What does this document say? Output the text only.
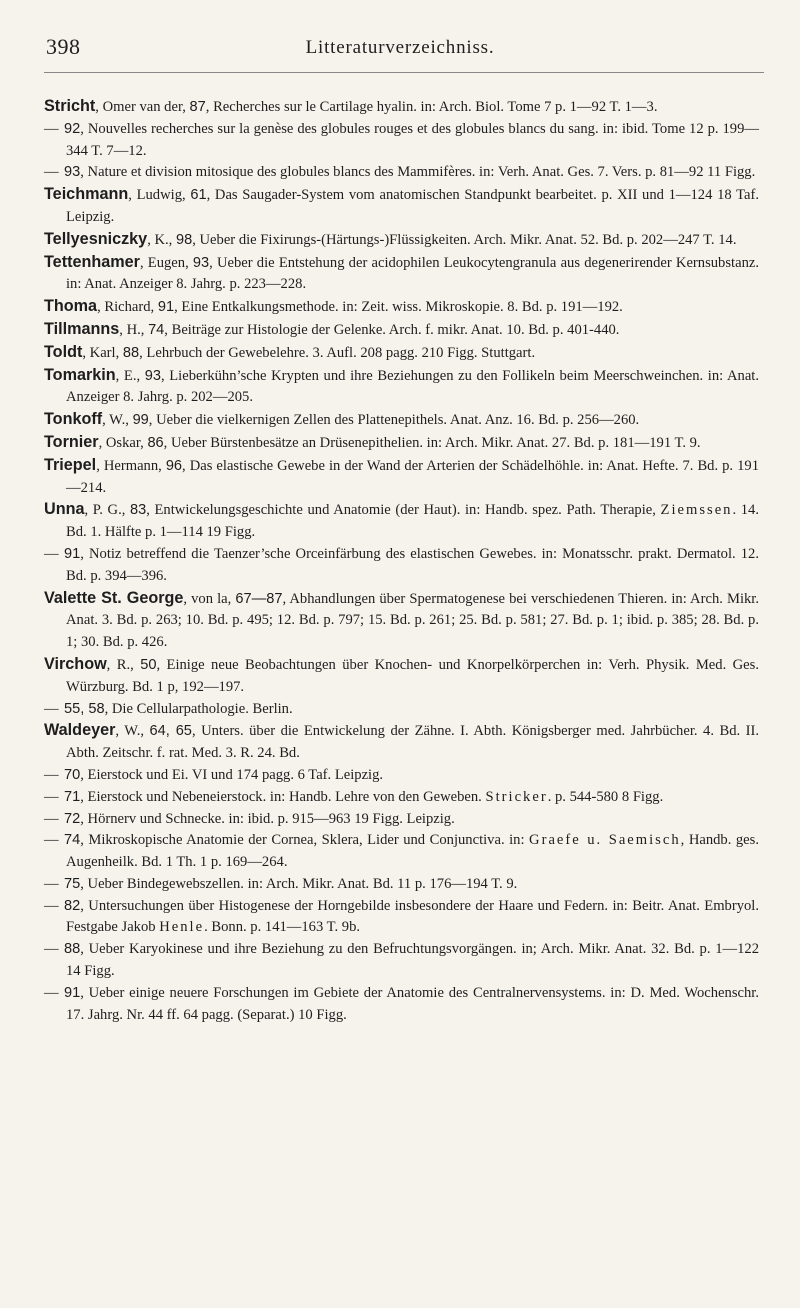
398	Litteraturverzeichniss.
Stricht, Omer van der, 87, Recherches sur le Cartilage hyalin. in: Arch. Biol. Tome 7 p. 1—92 T. 1—3.
— 92, Nouvelles recherches sur la genèse des globules rouges et des globules blancs du sang. in: ibid. Tome 12 p. 199—344 T. 7—12.
— 93, Nature et division mitosique des globules blancs des Mammifères. in: Verh. Anat. Ges. 7. Vers. p. 81—92 11 Figg.
Teichmann, Ludwig, 61, Das Saugader-System vom anatomischen Standpunkt bearbeitet. p. XII und 1—124 18 Taf. Leipzig.
Tellyesniczky, K., 98, Ueber die Fixirungs-(Härtungs-)Flüssigkeiten. Arch. Mikr. Anat. 52. Bd. p. 202—247 T. 14.
Tettenhamer, Eugen, 93, Ueber die Entstehung der acidophilen Leukocytengranula aus degenerirender Kernsubstanz. in: Anat. Anzeiger 8. Jahrg. p. 223—228.
Thoma, Richard, 91, Eine Entkalkungsmethode. in: Zeit. wiss. Mikroskopie. 8. Bd. p. 191—192.
Tillmanns, H., 74, Beiträge zur Histologie der Gelenke. Arch. f. mikr. Anat. 10. Bd. p. 401-440.
Toldt, Karl, 88, Lehrbuch der Gewebelehre. 3. Aufl. 208 pagg. 210 Figg. Stuttgart.
Tomarkin, E., 93, Lieberkühn’sche Krypten und ihre Beziehungen zu den Follikeln beim Meerschweinchen. in: Anat. Anzeiger 8. Jahrg. p. 202—205.
Tonkoff, W., 99, Ueber die vielkernigen Zellen des Plattenepithels. Anat. Anz. 16. Bd. p. 256—260.
Tornier, Oskar, 86, Ueber Bürstenbesätze an Drüsenepithelien. in: Arch. Mikr. Anat. 27. Bd. p. 181—191 T. 9.
Triepel, Hermann, 96, Das elastische Gewebe in der Wand der Arterien der Schädelhöhle. in: Anat. Hefte. 7. Bd. p. 191—214.
Unna, P. G., 83, Entwickelungsgeschichte und Anatomie (der Haut). in: Handb. spez. Path. Therapie, Ziemssen. 14. Bd. 1. Hälfte p. 1—114 19 Figg.
— 91, Notiz betreffend die Taenzer’sche Orceinfärbung des elastischen Gewebes. in: Monatsschr. prakt. Dermatol. 12. Bd. p. 394—396.
Valette St. George, von la, 67—87, Abhandlungen über Spermatogenese bei verschiedenen Thieren. in: Arch. Mikr. Anat. 3. Bd. p. 263; 10. Bd. p. 495; 12. Bd. p. 797; 15. Bd. p. 261; 25. Bd. p. 581; 27. Bd. p. 1; ibid. p. 385; 28. Bd. p. 1; 30. Bd. p. 426.
Virchow, R., 50, Einige neue Beobachtungen über Knochen- und Knorpelkörperchen in: Verh. Physik. Med. Ges. Würzburg. Bd. 1 p, 192—197.
— 55, 58, Die Cellularpathologie. Berlin.
Waldeyer, W., 64, 65, Unters. über die Entwickelung der Zähne. I. Abth. Königsberger med. Jahrbücher. 4. Bd. II. Abth. Zeitschr. f. rat. Med. 3. R. 24. Bd.
— 70, Eierstock und Ei. VI und 174 pagg. 6 Taf. Leipzig.
— 71, Eierstock und Nebeneierstock. in: Handb. Lehre von den Geweben. Stricker. p. 544-580 8 Figg.
— 72, Hörnerv und Schnecke. in: ibid. p. 915—963 19 Figg. Leipzig.
— 74, Mikroskopische Anatomie der Cornea, Sklera, Lider und Conjunctiva. in: Graefe u. Saemisch, Handb. ges. Augenheilk. Bd. 1 Th. 1 p. 169—264.
— 75, Ueber Bindegewebszellen. in: Arch. Mikr. Anat. Bd. 11 p. 176—194 T. 9.
— 82, Untersuchungen über Histogenese der Horngebilde insbesondere der Haare und Federn. in: Beitr. Anat. Embryol. Festgabe Jakob Henle. Bonn. p. 141—163 T. 9b.
— 88, Ueber Karyokinese und ihre Beziehung zu den Befruchtungsvorgängen. in; Arch. Mikr. Anat. 32. Bd. p. 1—122 14 Figg.
— 91, Ueber einige neuere Forschungen im Gebiete der Anatomie des Centralnervensystems. in: D. Med. Wochenschr. 17. Jahrg. Nr. 44 ff. 64 pagg. (Separat.) 10 Figg.
